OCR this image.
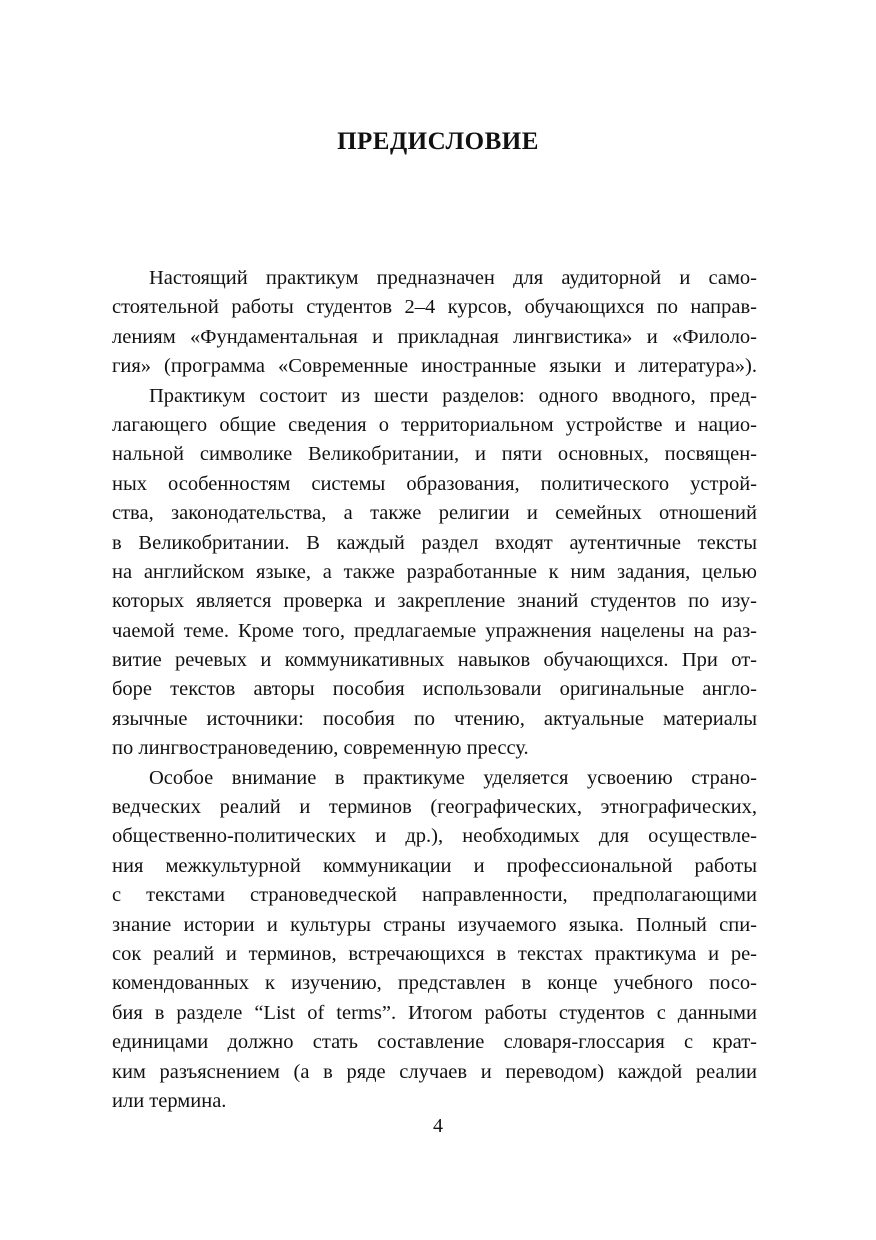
ПРЕДИСЛОВИЕ
Настоящий практикум предназначен для аудиторной и само-
стоятельной работы студентов 2–4 курсов, обучающихся по направ-
лениям «Фундаментальная и прикладная лингвистика» и «Филоло-
гия» (программа «Современные иностранные языки и литература»).
Практикум состоит из шести разделов: одного вводного, пред-
лагающего общие сведения о территориальном устройстве и нацио-
нальной символике Великобритании, и пяти основных, посвящен-
ных особенностям системы образования, политического устрой-
ства, законодательства, а также религии и семейных отношений
в Великобритании. В каждый раздел входят аутентичные тексты
на английском языке, а также разработанные к ним задания, целью
которых является проверка и закрепление знаний студентов по изу-
чаемой теме. Кроме того, предлагаемые упражнения нацелены на раз-
витие речевых и коммуникативных навыков обучающихся. При от-
боре текстов авторы пособия использовали оригинальные англо-
язычные источники: пособия по чтению, актуальные материалы
по лингвострановедению, современную прессу.
Особое внимание в практикуме уделяется усвоению страно-
ведческих реалий и терминов (географических, этнографических,
общественно-политических и др.), необходимых для осуществле-
ния межкультурной коммуникации и профессиональной работы
с текстами страноведческой направленности, предполагающими
знание истории и культуры страны изучаемого языка. Полный спи-
сок реалий и терминов, встречающихся в текстах практикума и ре-
комендованных к изучению, представлен в конце учебного посо-
бия в разделе “List of terms”. Итогом работы студентов с данными
единицами должно стать составление словаря-глоссария с крат-
ким разъяснением (а в ряде случаев и переводом) каждой реалии
или термина.
4
